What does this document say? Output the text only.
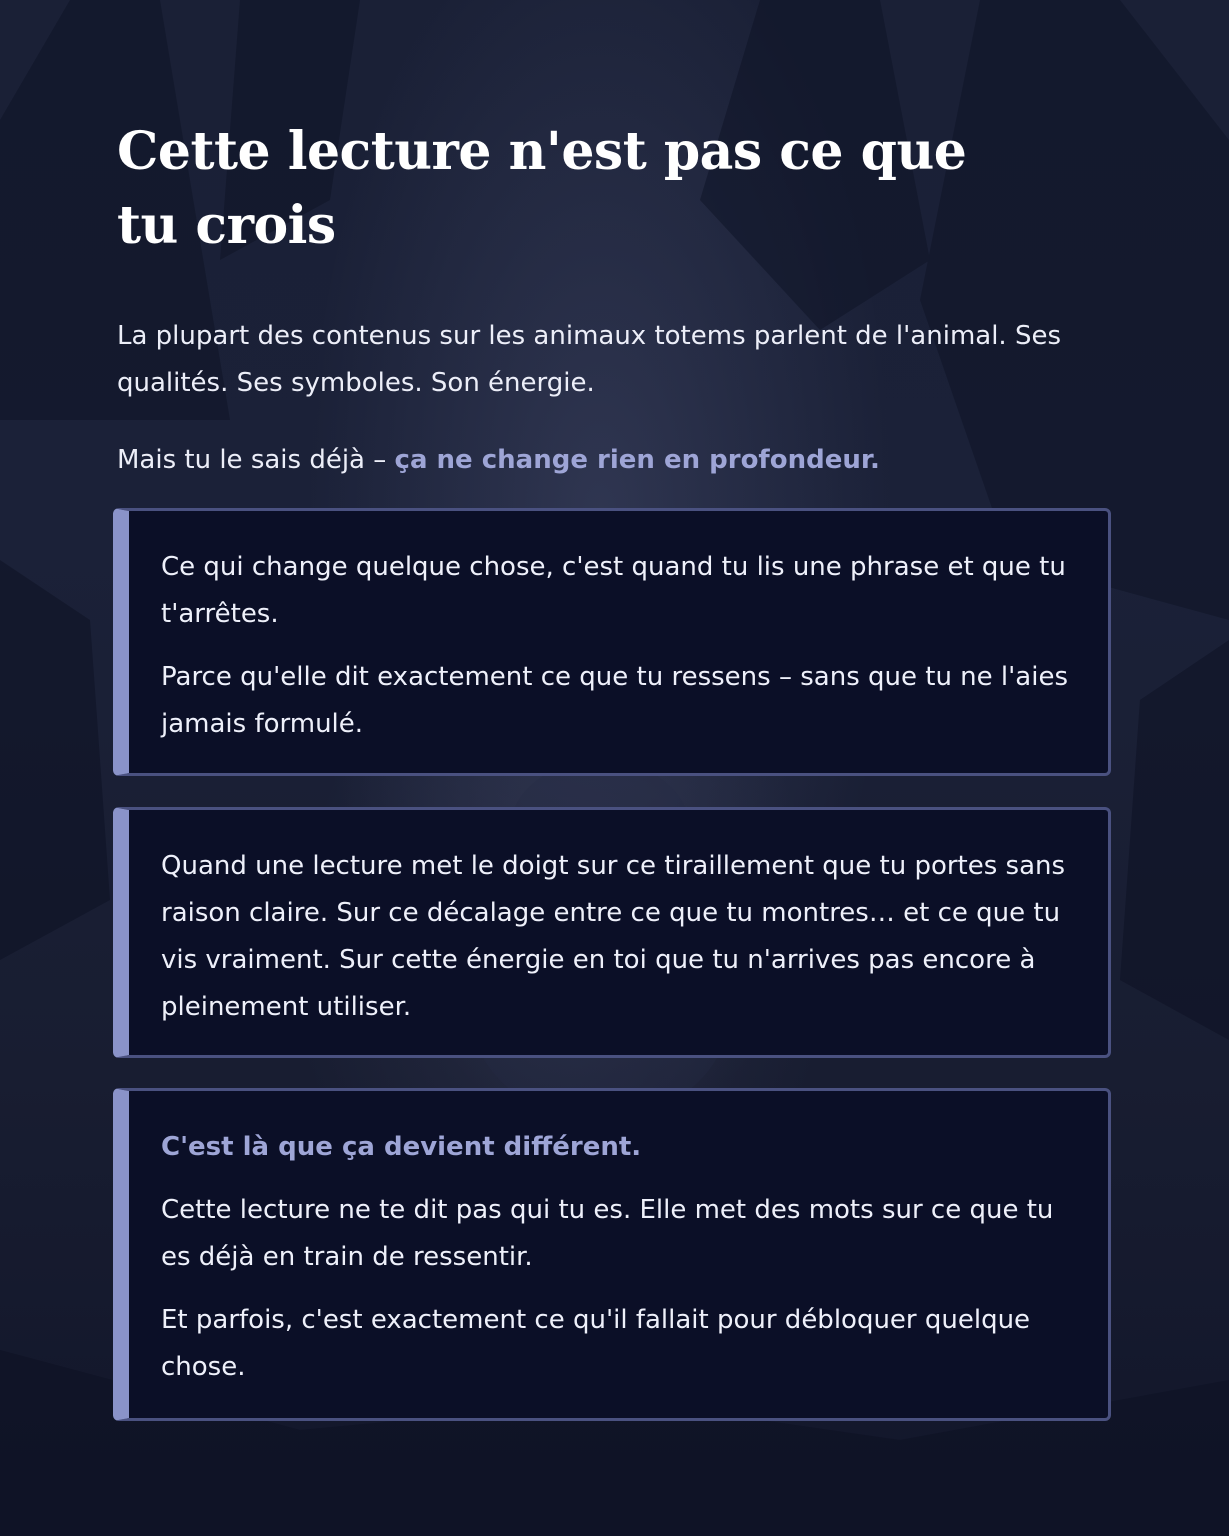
Cette lecture n'est pas ce que tu crois

La plupart des contenus sur les animaux totems parlent de l'animal. Ses qualités. Ses symboles. Son énergie.

Mais tu le sais déjà – ça ne change rien en profondeur.

Ce qui change quelque chose, c'est quand tu lis une phrase et que tu t'arrêtes.

Parce qu'elle dit exactement ce que tu ressens – sans que tu ne l'aies jamais formulé.

Quand une lecture met le doigt sur ce tiraillement que tu portes sans raison claire. Sur ce décalage entre ce que tu montres… et ce que tu vis vraiment. Sur cette énergie en toi que tu n'arrives pas encore à pleinement utiliser.

C'est là que ça devient différent.

Cette lecture ne te dit pas qui tu es. Elle met des mots sur ce que tu es déjà en train de ressentir.

Et parfois, c'est exactement ce qu'il fallait pour débloquer quelque chose.
